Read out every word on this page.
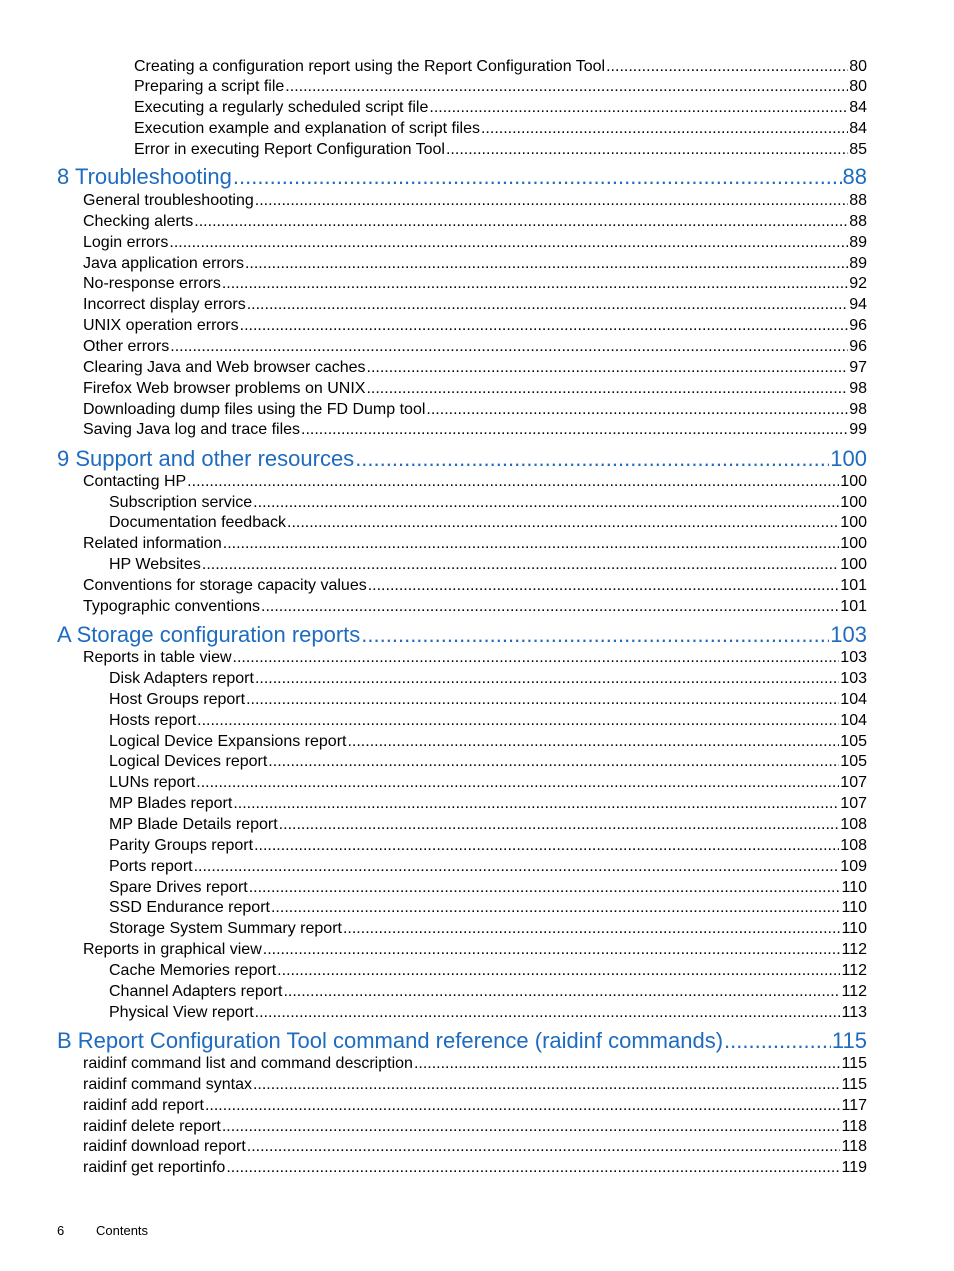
Creating a configuration report using the Report Configuration Tool .....	80
Preparing a script file .....	80
Executing a regularly scheduled script file .....	84
Execution example and explanation of script files .....	84
Error in executing Report Configuration Tool .....	85
8 Troubleshooting .....	88
General troubleshooting .....	88
Checking alerts .....	88
Login errors .....	89
Java application errors .....	89
No-response errors .....	92
Incorrect display errors .....	94
UNIX operation errors .....	96
Other errors .....	96
Clearing Java and Web browser caches .....	97
Firefox Web browser problems on UNIX .....	98
Downloading dump files using the FD Dump tool .....	98
Saving Java log and trace files .....	99
9 Support and other resources .....	100
Contacting HP .....	100
Subscription service .....	100
Documentation feedback .....	100
Related information .....	100
HP Websites .....	100
Conventions for storage capacity values .....	101
Typographic conventions .....	101
A Storage configuration reports .....	103
Reports in table view .....	103
Disk Adapters report .....	103
Host Groups report .....	104
Hosts report .....	104
Logical Device Expansions report .....	105
Logical Devices report .....	105
LUNs report .....	107
MP Blades report .....	107
MP Blade Details report .....	108
Parity Groups report .....	108
Ports report .....	109
Spare Drives report .....	110
SSD Endurance report .....	110
Storage System Summary report .....	110
Reports in graphical view .....	112
Cache Memories report .....	112
Channel Adapters report .....	112
Physical View report .....	113
B Report Configuration Tool command reference (raidinf commands) .....	115
raidinf command list and command description .....	115
raidinf command syntax .....	115
raidinf add report .....	117
raidinf delete report .....	118
raidinf download report .....	118
raidinf get reportinfo .....	119
6 Contents
